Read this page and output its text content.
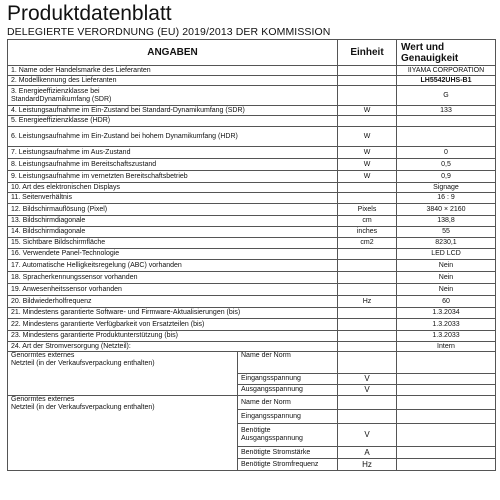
Produktdatenblatt
DELEGIERTE VERORDNUNG (EU) 2019/2013 DER KOMMISSION
ANGABEN		Einheit	Wert und
Genauigkeit

1. Name oder Handelsmarke des Lieferanten			IIYAMA CORPORATION
2. Modellkennung des Lieferanten			LH5542UHS-B1

3. Energieeffizienzklasse bei
StandardDynamikumfang (SDR)			G
4. Leistungsaufnahme im Ein-Zustand bei Standard-Dynamikumfang (SDR)		W	133
5. Energieeffizienzklasse (HDR)			
6. Leistungsaufnahme im Ein-Zustand bei hohem Dynamikumfang (HDR)		W	
7. Leistungsaufnahme im Aus-Zustand		W	0
8. Leistungsaufnahme im Bereitschaftszustand		W	0,5
9. Leistungsaufnahme im vernetzten Bereitschaftsbetrieb		W	0,9
10. Art des elektronischen Displays			Signage
11. Seitenverhältnis			16 : 9
12. Bildschirmauflösung (Pixel)		Pixels	3840 × 2160
13. Bildschirmdiagonale		cm	138,8
14. Bildschirmdiagonale		inches	55
15. Sichtbare Bildschirmfläche		cm2	8230,1
16. Verwendete Panel-Technologie			LED LCD
17. Automatische Helligkeitsregelung (ABC) vorhanden			Nein
18. Spracherkennungssensor vorhanden			Nein
19. Anwesenheitssensor vorhanden			Nein
20. Bildwiederholfrequenz		Hz	60
21. Mindestens garantierte Software- und Firmware-Aktualisierungen (bis)			1.3.2034
22. Mindestens garantierte Verfügbarkeit von Ersatzteilen (bis)			1.3.2033
23. Mindestens garantierte Produktunterstützung (bis)			1.3.2033
24. Art der Stromversorgung (Netzteil):			Intern

Genormtes externes
Netzteil (in der Verkaufsverpackung enthalten)	Name der Norm		
	Eingangsspannung	V	
	Ausgangsspannung	V	

Genormtes externes
Netzteil (in der Verkaufsverpackung enthalten)	Name der Norm		
	Eingangsspannung		

	Benötigte
Ausgangsspannung	V	
	Benötigte Stromstärke	A	
	Benötigte Stromfrequenz	Hz	
